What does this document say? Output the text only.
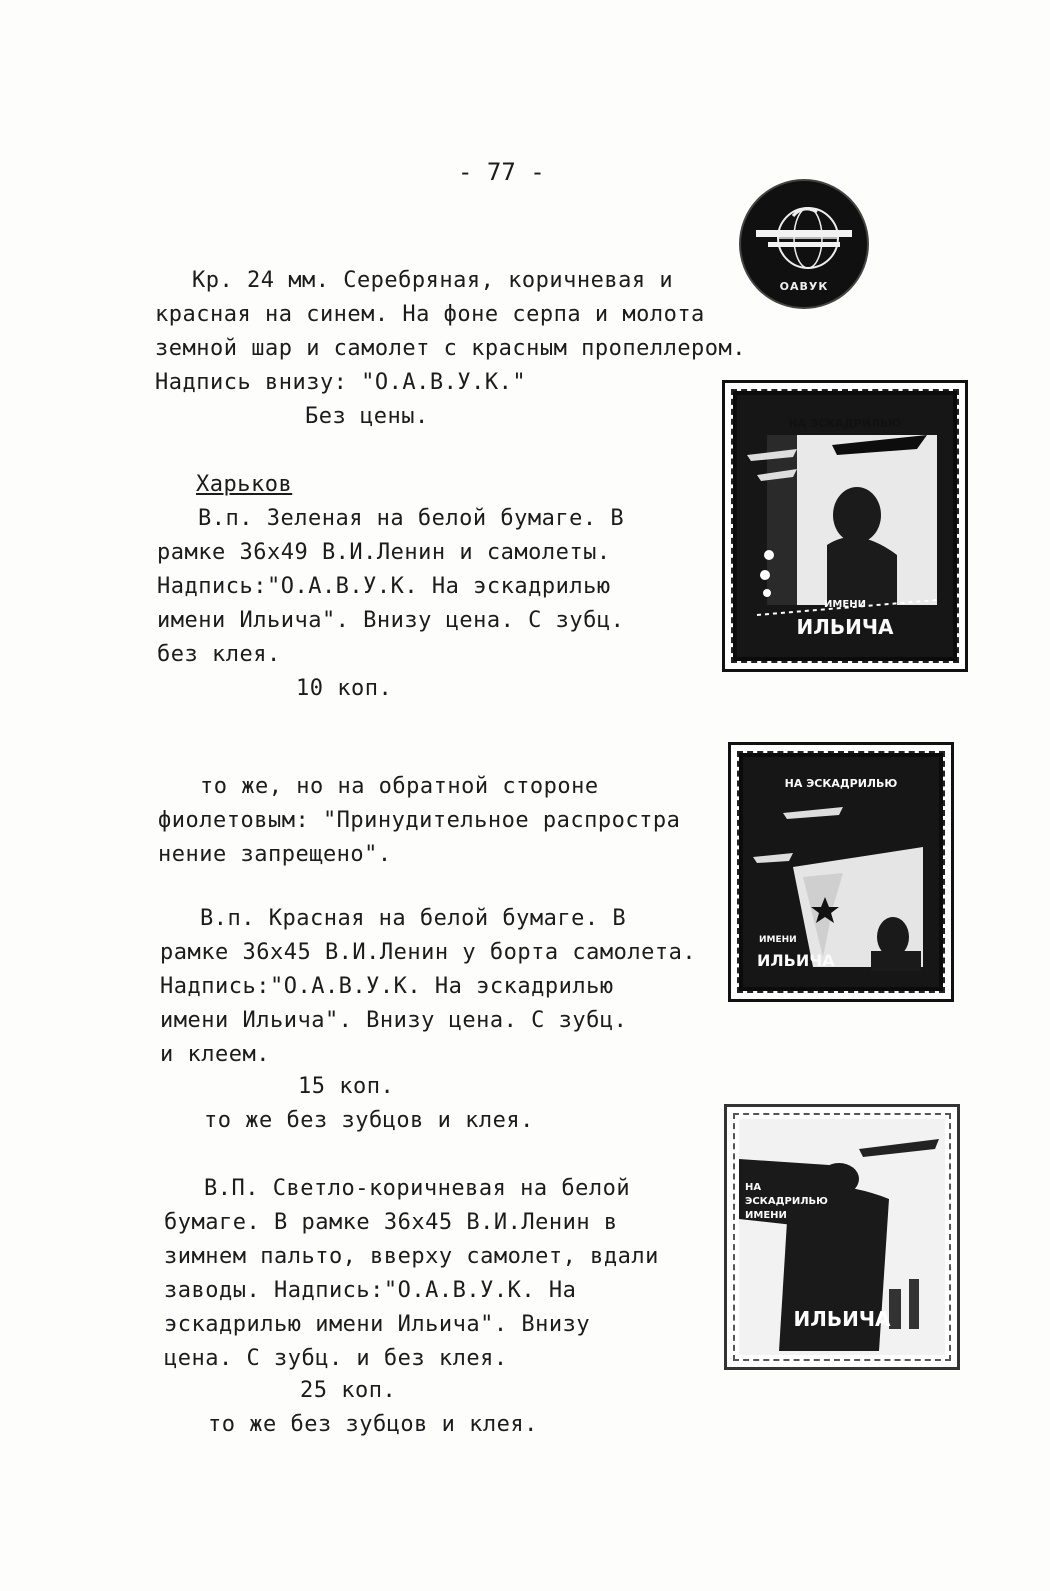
- 77 -
Кр. 24 мм. Серебряная, коричневая и
красная на синем. На фоне серпа и молота
земной шар и самолет с красным пропеллером.
Надпись внизу: "О.А.В.У.К."
Без цены.
Харьков
В.п. Зеленая на белой бумаге. В
рамке 36х49 В.И.Ленин и самолеты.
Надпись:"О.А.В.У.К. На эскадрилью
имени Ильича". Внизу цена. С зубц.
без клея.
10 коп.
то же, но на обратной стороне
фиолетовым: "Принудительное распростра
нение запрещено".
В.п. Красная на белой бумаге. В
рамке 36х45 В.И.Ленин у борта самолета.
Надпись:"О.А.В.У.К. На эскадрилью
имени Ильича". Внизу цена. С зубц.
и клеем.
15 коп.
то же без зубцов и клея.
В.П. Светло-коричневая на белой
бумаге. В рамке 36х45 В.И.Ленин в
зимнем пальто, вверху самолет, вдали
заводы. Надпись:"О.А.В.У.К. На
эскадрилью имени Ильича". Внизу
цена. С зубц. и без клея.
25 коп.
то же без зубцов и клея.
ОАВУК
НА ЭСКАДРИЛЬЮ
ИМЕНИ
ИЛЬИЧА
НА ЭСКАДРИЛЬЮ
ИМЕНИ
ИЛЬИЧА
НА ЭСКАДРИЛЬЮ ИМЕНИ
ИЛЬИЧА
